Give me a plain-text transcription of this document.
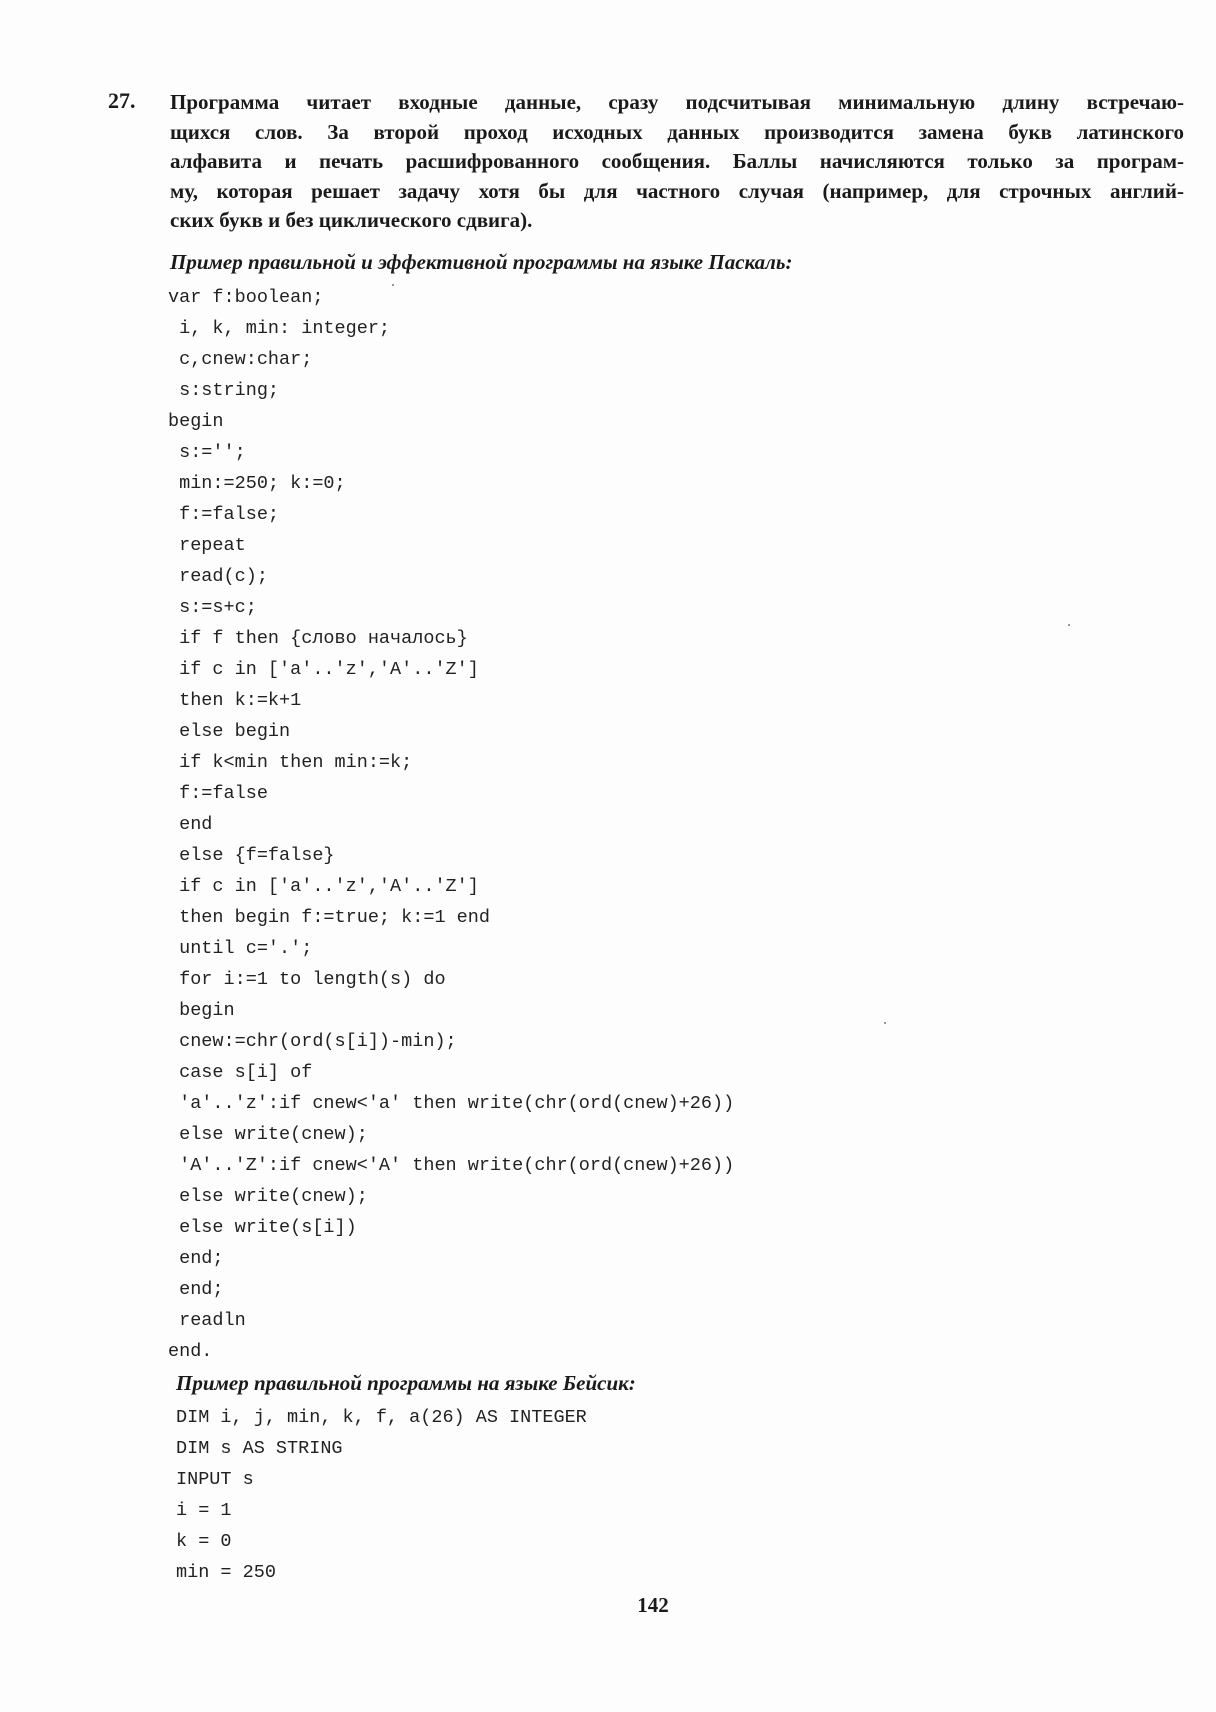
27. Программа читает входные данные, сразу подсчитывая минимальную длину встречаю-
щихся слов. За второй проход исходных данных производится замена букв латинского
алфавита и печать расшифрованного сообщения. Баллы начисляются только за програм-
му, которая решает задачу хотя бы для частного случая (например, для строчных англий-
ских букв и без циклического сдвига).
Пример правильной и эффективной программы на языке Паскаль:
var f:boolean;
i, k, min: integer;
c,cnew:char;
s:string;
begin
s:='';
min:=250; k:=0;
f:=false;
repeat
read(c);
s:=s+c;
if f then {слово началось}
if c in ['a'..'z','A'..'Z']
then k:=k+1
else begin
if k<min then min:=k;
f:=false
end
else {f=false}
if c in ['a'..'z','A'..'Z']
then begin f:=true; k:=1 end
until c='.';
for i:=1 to length(s) do
begin
cnew:=chr(ord(s[i])-min);
case s[i] of
'a'..'z':if cnew<'a' then write(chr(ord(cnew)+26))
else write(cnew);
'A'..'Z':if cnew<'A' then write(chr(ord(cnew)+26))
else write(cnew);
else write(s[i])
end;
end;
readln
end.
Пример правильной программы на языке Бейсик:
DIM i, j, min, k, f, a(26) AS INTEGER
DIM s AS STRING
INPUT s
i = 1
k = 0
min = 250
142
